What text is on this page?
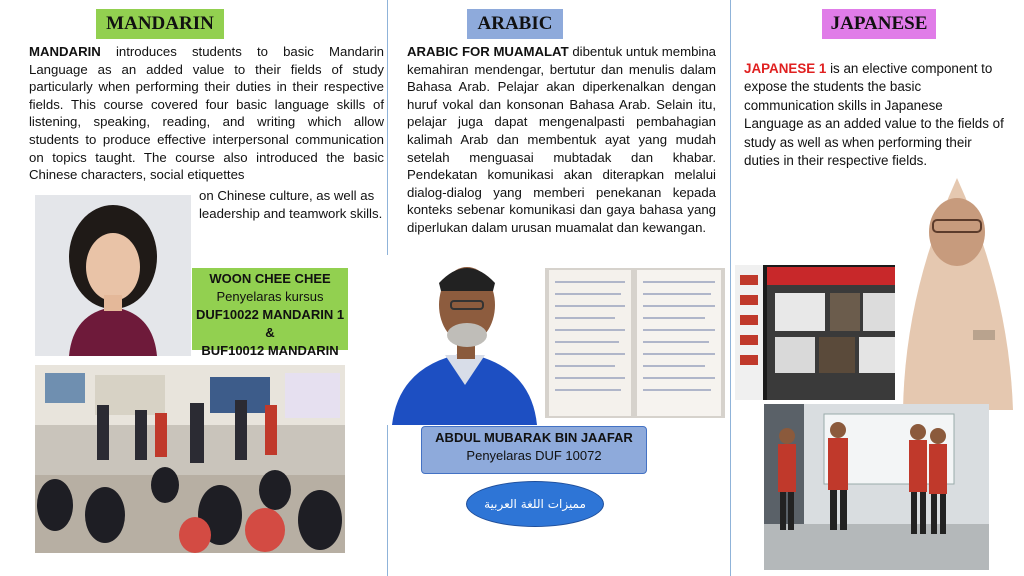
MANDARIN
MANDARIN introduces students to basic Mandarin Language as an added value to their fields of study particularly when performing their duties in their respective fields. This course covered four basic language skills of listening, speaking, reading, and writing which allow students to produce effective interpersonal communication on topics taught. The course also introduced the basic Chinese characters, social etiquettes
on Chinese culture, as well as leadership and teamwork skills.
WOON CHEE CHEE
Penyelaras kursus
DUF10022 MANDARIN 1 &
BUF10012 MANDARIN
ARABIC
ARABIC FOR MUAMALAT dibentuk untuk membina kemahiran mendengar, bertutur dan menulis dalam Bahasa Arab. Pelajar akan diperkenalkan dengan huruf vokal dan konsonan Bahasa Arab. Selain itu, pelajar juga dapat mengenalpasti pembahagian kalimah Arab dan membentuk ayat yang mudah setelah menguasai mubtadak dan khabar. Pendekatan komunikasi akan diterapkan melalui dialog-dialog yang memberi penekanan kepada konteks sebenar komunikasi dan gaya bahasa yang diperlukan dalam urusan muamalat dan kewangan.
ABDUL MUBARAK BIN JAAFAR
Penyelaras DUF 10072
مميزات اللغة العربية
JAPANESE
JAPANESE 1 is an elective component to expose the students the basic communication skills in Japanese Language as an added value to the fields of study as well as when performing their duties in their respective fields.
